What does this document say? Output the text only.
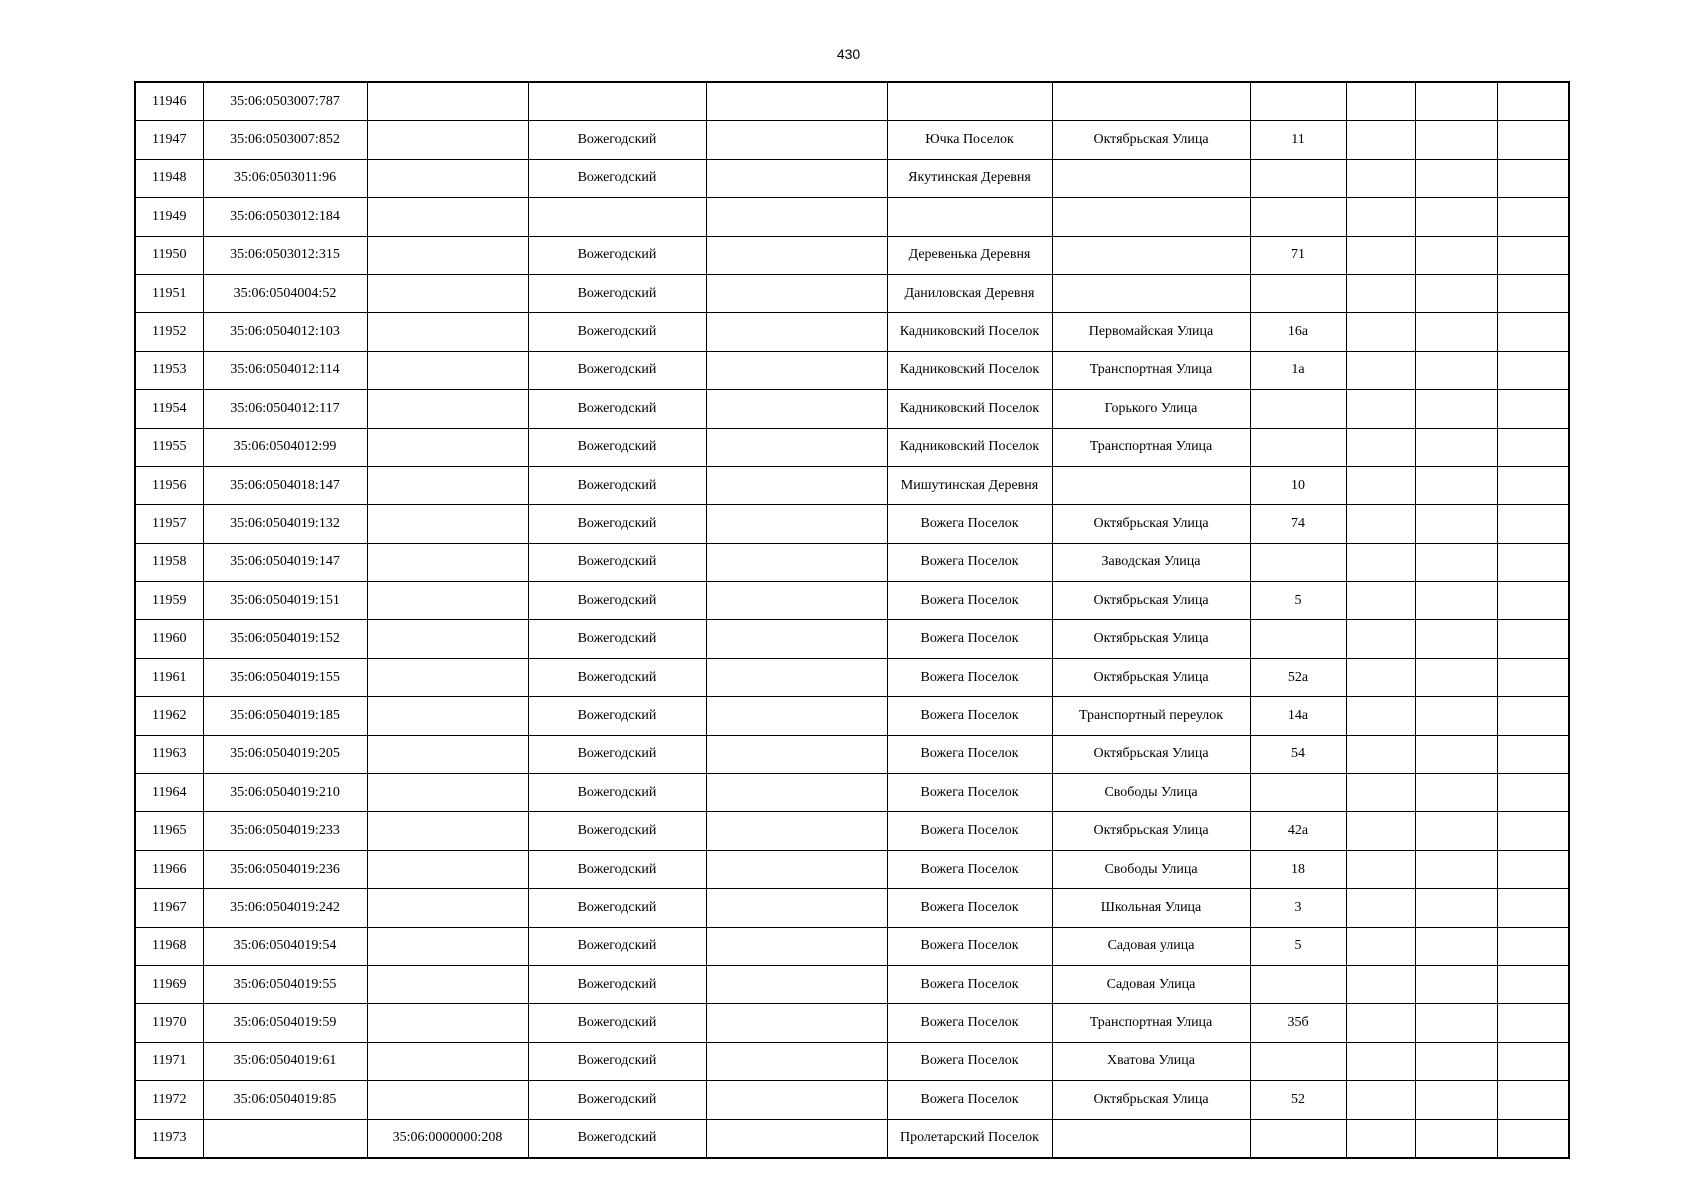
430
11946	35:06:0503007:787									
11947	35:06:0503007:852		Вожегодский		Ючка Поселок	Октябрьская Улица	11			
11948	35:06:0503011:96		Вожегодский		Якутинская Деревня					
11949	35:06:0503012:184									
11950	35:06:0503012:315		Вожегодский		Деревенька Деревня		71			
11951	35:06:0504004:52		Вожегодский		Даниловская Деревня					
11952	35:06:0504012:103		Вожегодский		Кадниковский Поселок	Первомайская Улица	16а			
11953	35:06:0504012:114		Вожегодский		Кадниковский Поселок	Транспортная Улица	1а			
11954	35:06:0504012:117		Вожегодский		Кадниковский Поселок	Горького Улица				
11955	35:06:0504012:99		Вожегодский		Кадниковский Поселок	Транспортная Улица				
11956	35:06:0504018:147		Вожегодский		Мишутинская Деревня		10			
11957	35:06:0504019:132		Вожегодский		Вожега Поселок	Октябрьская Улица	74			
11958	35:06:0504019:147		Вожегодский		Вожега Поселок	Заводская Улица				
11959	35:06:0504019:151		Вожегодский		Вожега Поселок	Октябрьская Улица	5			
11960	35:06:0504019:152		Вожегодский		Вожега Поселок	Октябрьская Улица				
11961	35:06:0504019:155		Вожегодский		Вожега Поселок	Октябрьская Улица	52а			
11962	35:06:0504019:185		Вожегодский		Вожега Поселок	Транспортный переулок	14а			
11963	35:06:0504019:205		Вожегодский		Вожега Поселок	Октябрьская Улица	54			
11964	35:06:0504019:210		Вожегодский		Вожега Поселок	Свободы Улица				
11965	35:06:0504019:233		Вожегодский		Вожега Поселок	Октябрьская Улица	42а			
11966	35:06:0504019:236		Вожегодский		Вожега Поселок	Свободы Улица	18			
11967	35:06:0504019:242		Вожегодский		Вожега Поселок	Школьная Улица	3			
11968	35:06:0504019:54		Вожегодский		Вожега Поселок	Садовая улица	5			
11969	35:06:0504019:55		Вожегодский		Вожега Поселок	Садовая Улица				
11970	35:06:0504019:59		Вожегодский		Вожега Поселок	Транспортная Улица	35б			
11971	35:06:0504019:61		Вожегодский		Вожега Поселок	Хватова Улица				
11972	35:06:0504019:85		Вожегодский		Вожега Поселок	Октябрьская Улица	52			
11973		35:06:0000000:208	Вожегодский		Пролетарский Поселок					
